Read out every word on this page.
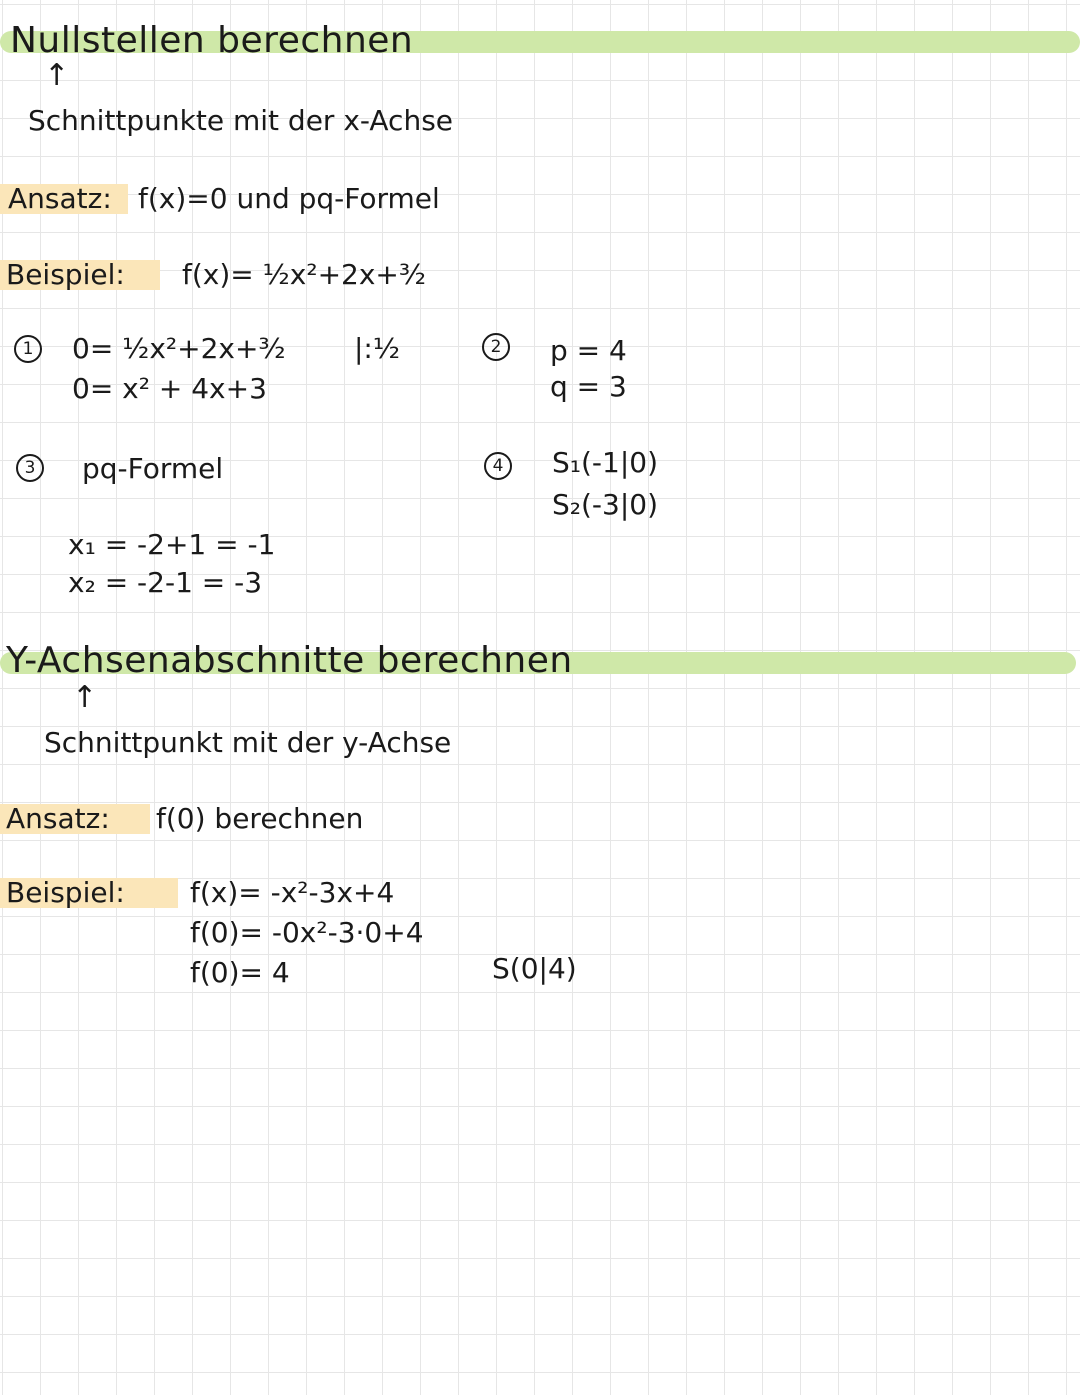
Nullstellen berechnen
↑
Schnittpunkte mit der x-Achse
Ansatz: f(x)=0 und pq-Formel
Beispiel: f(x)= ½x²+2x+³⁄₂
1	0= ½x²+2x+³⁄₂ |:½
0= x² + 4x+3
2	p = 4
q = 3
3	pq-Formel
x₁ = -2+1 = -1
x₂ = -2-1 = -3
4	S₁(-1|0)
S₂(-3|0)
Y-Achsenabschnitte berechnen
↑
Schnittpunkt mit der y-Achse
Ansatz: f(0) berechnen
Beispiel: f(x)= -x²-3x+4
f(0)= -0x²-3·0+4
f(0)= 4	S(0|4)
